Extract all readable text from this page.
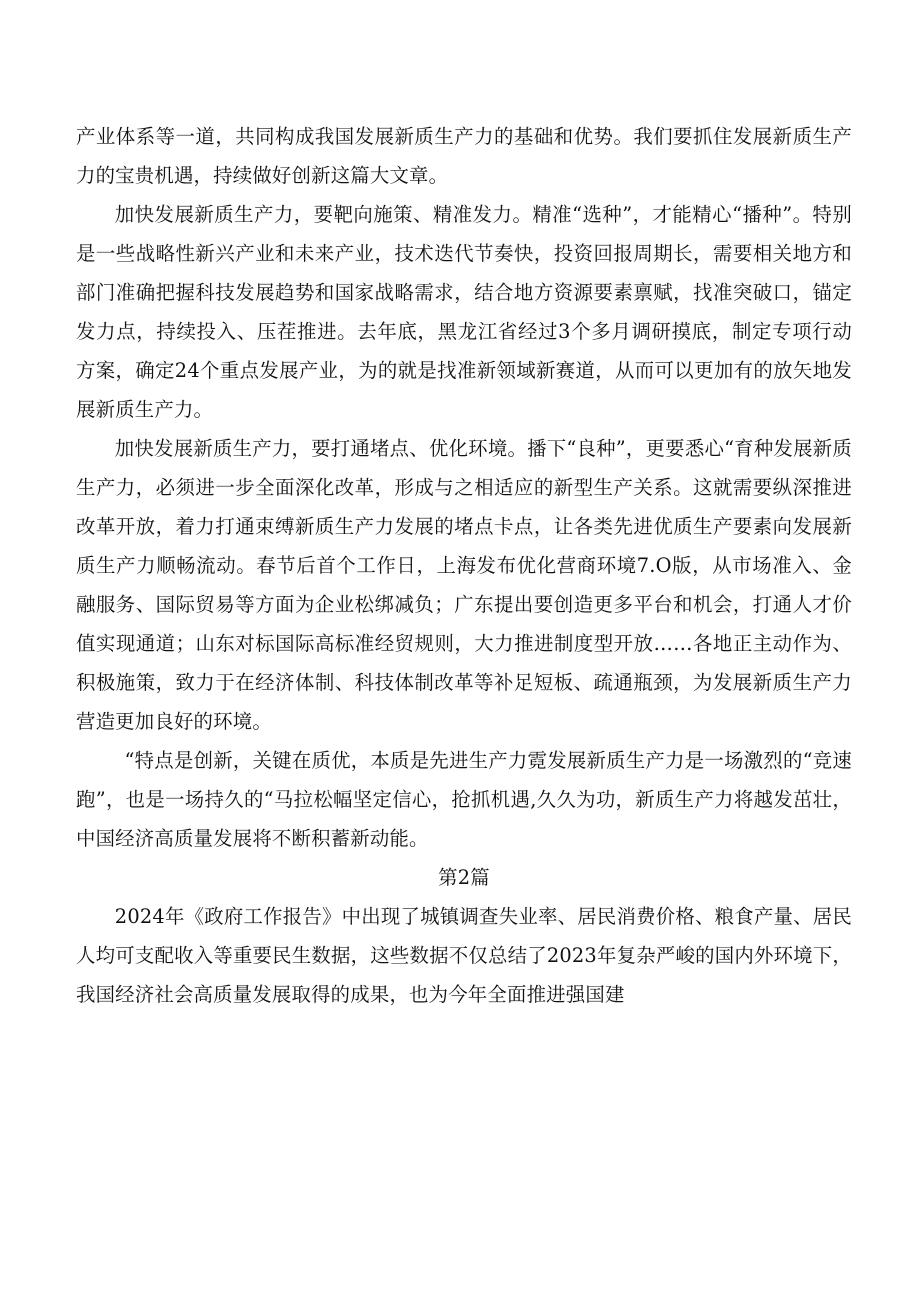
产业体系等一道，共同构成我国发展新质生产力的基础和优势。我们要抓住发展新质生产力的宝贵机遇，持续做好创新这篇大文章。

加快发展新质生产力，要靶向施策、精准发力。精准“选种”，才能精心“播种”。特别是一些战略性新兴产业和未来产业，技术迭代节奏快，投资回报周期长，需要相关地方和部门准确把握科技发展趋势和国家战略需求，结合地方资源要素禀赋，找准突破口，锚定发力点，持续投入、压茬推进。去年底，黑龙江省经过3个多月调研摸底，制定专项行动方案，确定24个重点发展产业，为的就是找准新领域新赛道，从而可以更加有的放矢地发展新质生产力。

加快发展新质生产力，要打通堵点、优化环境。播下“良种”，更要悉心“育种发展新质生产力，必须进一步全面深化改革，形成与之相适应的新型生产关系。这就需要纵深推进改革开放，着力打通束缚新质生产力发展的堵点卡点，让各类先进优质生产要素向发展新质生产力顺畅流动。春节后首个工作日，上海发布优化营商环境7.O版，从市场准入、金融服务、国际贸易等方面为企业松绑减负；广东提出要创造更多平台和机会，打通人才价值实现通道；山东对标国际高标准经贸规则，大力推进制度型开放……各地正主动作为、积极施策，致力于在经济体制、科技体制改革等补足短板、疏通瓶颈，为发展新质生产力营造更加良好的环境。

“特点是创新，关键在质优，本质是先进生产力霓发展新质生产力是一场激烈的“竞速跑”，也是一场持久的“马拉松幅坚定信心，抢抓机遇,久久为功，新质生产力将越发茁壮，中国经济高质量发展将不断积蓄新动能。

第2篇

2024年《政府工作报告》中出现了城镇调查失业率、居民消费价格、粮食产量、居民人均可支配收入等重要民生数据，这些数据不仅总结了2023年复杂严峻的国内外环境下，我国经济社会高质量发展取得的成果，也为今年全面推进强国建
